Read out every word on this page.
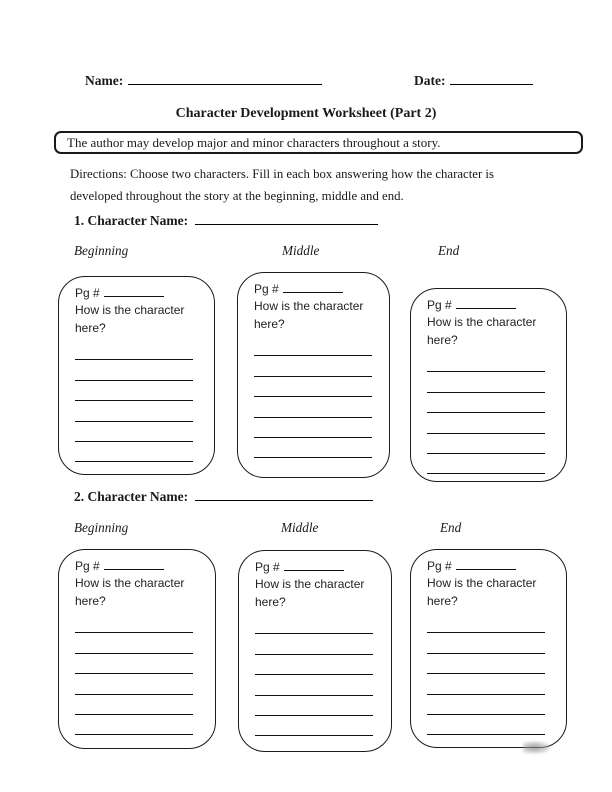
Name:	Date:
Character Development Worksheet (Part 2)
The author may develop major and minor characters throughout a story.
Directions: Choose two characters. Fill in each box answering how the character is
developed throughout the story at the beginning, middle and end.
1. Character Name:
Beginning	Middle	End
Pg #
How is the character here?
Pg #
How is the character here?
Pg #
How is the character here?
2. Character Name:
Beginning	Middle	End
Pg #
How is the character here?
Pg #
How is the character here?
Pg #
How is the character here?
